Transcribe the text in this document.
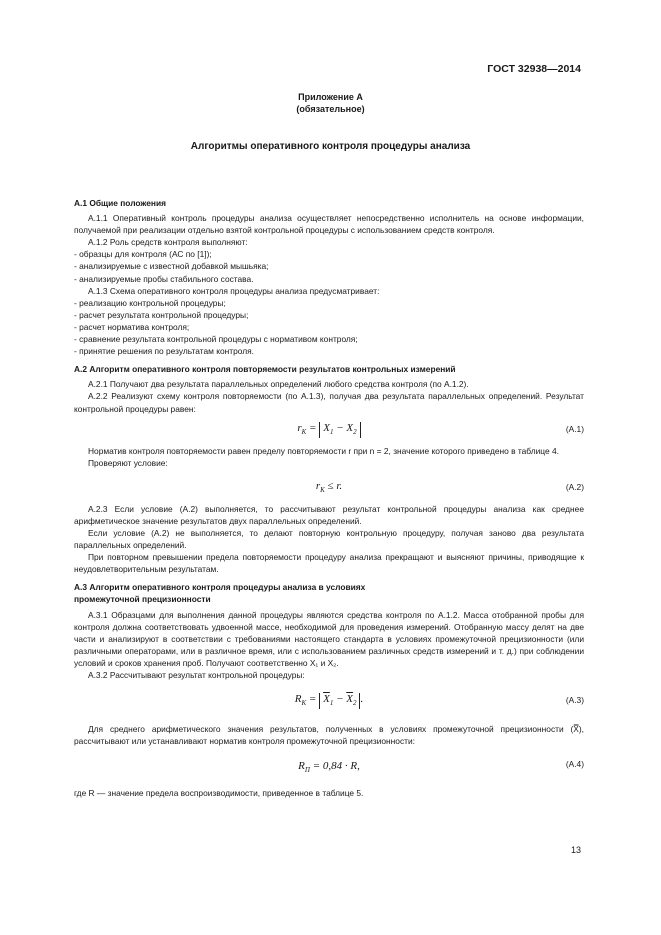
ГОСТ 32938—2014
Приложение А
(обязательное)
Алгоритмы оперативного контроля процедуры анализа

А.1 Общие положения

А.1.1 Оперативный контроль процедуры анализа осуществляет непосредственно исполнитель на основе информации, получаемой при реализации отдельно взятой контрольной процедуры с использованием средств контроля.

А.1.2 Роль средств контроля выполняют:

- образцы для контроля (АС по [1]);

- анализируемые с известной добавкой мышьяка;

- анализируемые пробы стабильного состава.

А.1.3 Схема оперативного контроля процедуры анализа предусматривает:

- реализацию контрольной процедуры;

- расчет результата контрольной процедуры;

- расчет норматива контроля;

- сравнение результата контрольной процедуры с нормативом контроля;

- принятие решения по результатам контроля.

А.2 Алгоритм оперативного контроля повторяемости результатов контрольных измерений

А.2.1 Получают два результата параллельных определений любого средства контроля (по А.1.2).

А.2.2 Реализуют схему контроля повторяемости (по А.1.3), получая два результата параллельных определений. Результат контрольной процедуры равен:

$r_К = X_1 - X_2$	(А.1)

Норматив контроля повторяемости равен пределу повторяемости r при n = 2, значение которого приведено в таблице 4.

Проверяют условие:

$r_К \le r$.	(А.2)

А.2.3 Если условие (А.2) выполняется, то рассчитывают результат контрольной процедуры анализа как среднее арифметическое значение результатов двух параллельных определений.

Если условие (А.2) не выполняется, то делают повторную контрольную процедуру, получая заново два результата параллельных определений.

При повторном превышении предела повторяемости процедуру анализа прекращают и выясняют причины, приводящие к неудовлетворительным результатам.

А.3 Алгоритм оперативного контроля процедуры анализа в условиях

промежуточной прецизионности

А.3.1 Образцами для выполнения данной процедуры являются средства контроля по А.1.2. Масса отобранной пробы для контроля должна соответствовать удвоенной массе, необходимой для проведения измерений. Отобранную массу делят на две части и анализируют в соответствии с требованиями настоящего стандарта в условиях промежуточной прецизионности (или различными операторами, или в различное время, или с использованием различных средств измерений и т. д.) при соблюдении условий и сроков хранения проб. Получают соответственно X₁ и X₂.

А.3.2 Рассчитывают результат контрольной процедуры:

$R_К = \overline{X}_1 - \overline{X}_2$ .	(А.3)

Для среднего арифметического значения результатов, полученных в условиях промежуточной прецизионности (X̿), рассчитывают или устанавливают норматив контроля промежуточной прецизионности:

$R_П = 0,84 \cdot R$,	(А.4)

где R — значение предела воспроизводимости, приведенное в таблице 5.

13
